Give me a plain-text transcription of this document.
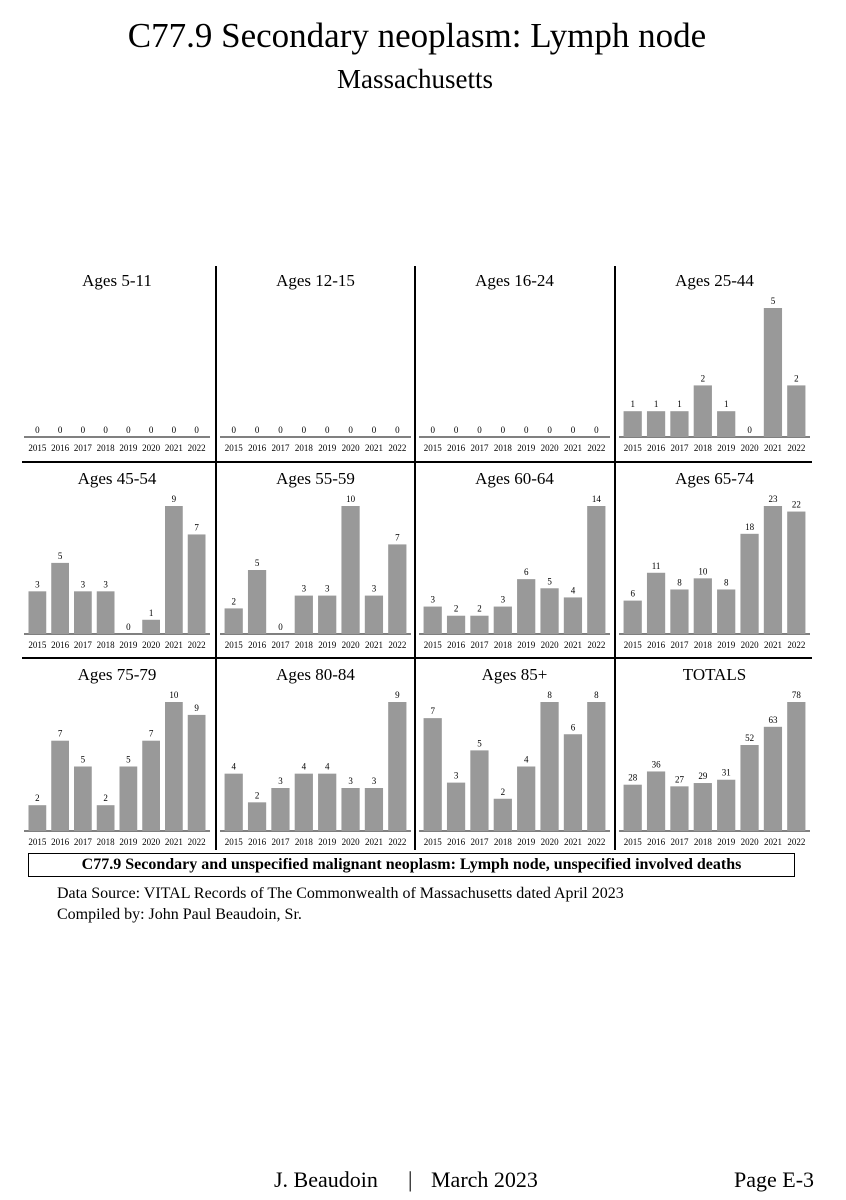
C77.9 Secondary neoplasm: Lymph node
Massachusetts
Ages 5-11
0
2015
0
2016
0
2017
0
2018
0
2019
0
2020
0
2021
0
2022
Ages 12-15
0
2015
0
2016
0
2017
0
2018
0
2019
0
2020
0
2021
0
2022
Ages 16-24
0
2015
0
2016
0
2017
0
2018
0
2019
0
2020
0
2021
0
2022
Ages 25-44
1
2015
1
2016
1
2017
2
2018
1
2019
0
2020
5
2021
2
2022
Ages 45-54
3
2015
5
2016
3
2017
3
2018
0
2019
1
2020
9
2021
7
2022
Ages 55-59
2
2015
5
2016
0
2017
3
2018
3
2019
10
2020
3
2021
7
2022
Ages 60-64
3
2015
2
2016
2
2017
3
2018
6
2019
5
2020
4
2021
14
2022
Ages 65-74
6
2015
11
2016
8
2017
10
2018
8
2019
18
2020
23
2021
22
2022
Ages 75-79
2
2015
7
2016
5
2017
2
2018
5
2019
7
2020
10
2021
9
2022
Ages 80-84
4
2015
2
2016
3
2017
4
2018
4
2019
3
2020
3
2021
9
2022
Ages 85+
7
2015
3
2016
5
2017
2
2018
4
2019
8
2020
6
2021
8
2022
TOTALS
28
2015
36
2016
27
2017
29
2018
31
2019
52
2020
63
2021
78
2022
C77.9 Secondary and unspecified malignant neoplasm: Lymph node, unspecified involved deaths
Data Source: VITAL Records of The Commonwealth of Massachusetts dated April 2023
Compiled by: John Paul Beaudoin, Sr.
J. Beaudoin | March 2023	Page E-3
